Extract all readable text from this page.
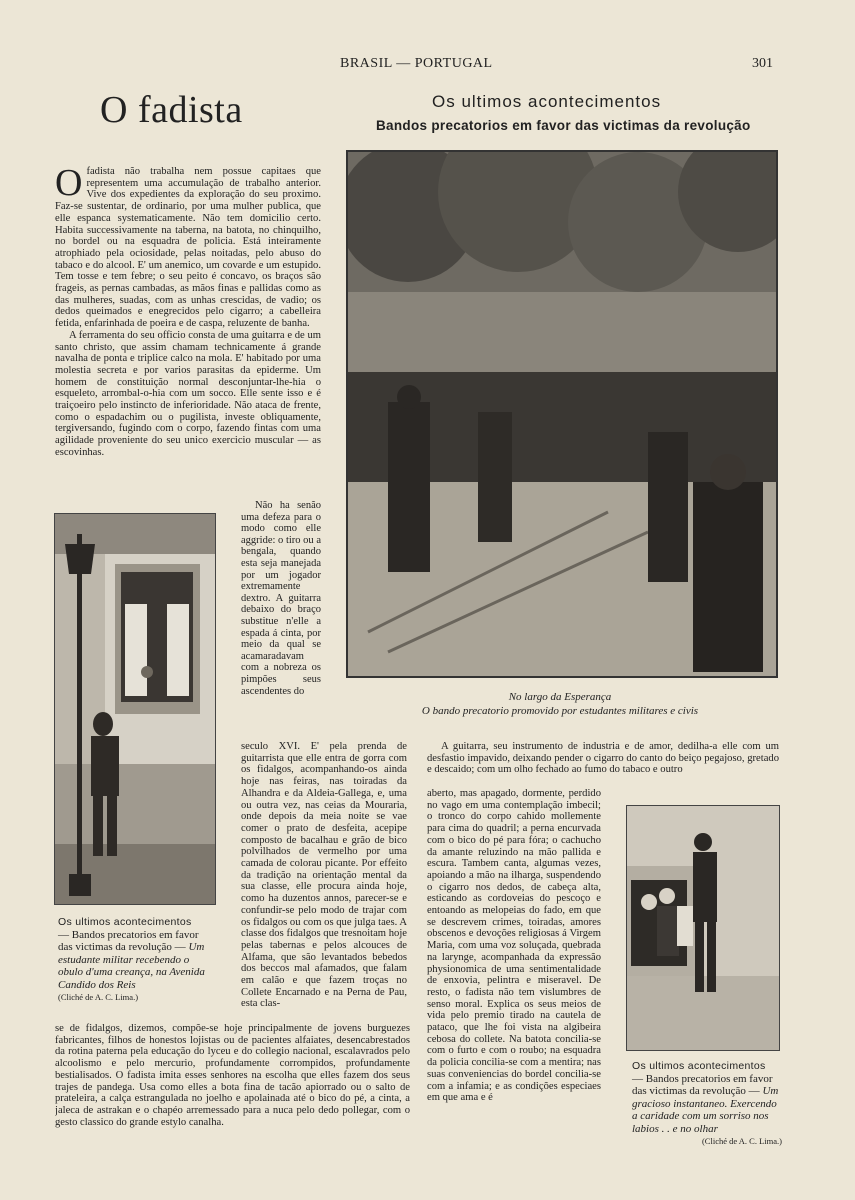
BRASIL — PORTUGAL	301
O fadista	Os ultimos acontecimentos
Bandos precatorios em favor das victimas da revolução

Ofadista não trabalha nem possue capitaes que representem uma accumulação de trabalho anterior. Vive dos expedientes da exploração do seu proximo. Faz-se sustentar, de ordinario, por uma mulher publica, que elle espanca systematicamente. Não tem domicilio certo. Habita successivamente na taberna, na batota, no chinquilho, no bordel ou na esquadra de policia. Está inteiramente atrophiado pela ociosidade, pelas noitadas, pelo abuso do tabaco e do alcool. E' um anemico, um covarde e um estupido. Tem tosse e tem febre; o seu peito é concavo, os braços são frageis, as pernas cambadas, as mãos finas e pallidas como as das mulheres, suadas, com as unhas crescidas, de vadio; os dedos queimados e enegrecidos pelo cigarro; a cabelleira fetida, enfarinhada de poeira e de caspa, reluzente de banha.

A ferramenta do seu officio consta de uma guitarra e de um santo christo, que assim chamam technicamente á grande navalha de ponta e triplice calco na mola. E' habitado por uma molestia secreta e por varios parasitas da epiderme. Um homem de constituição normal desconjuntar-lhe-hia o esqueleto, arrombal-o-hia com um socco. Elle sente isso e é traiçoeiro pelo instincto de inferioridade. Não ataca de frente, como o espadachim ou o pugilista, investe obliquamente, tergiversando, fugindo com o corpo, fazendo fintas com uma agilidade proveniente do seu unico exercicio muscular — as escovinhas.

Os ultimos acontecimentos
— Bandos precatorios em favor das victimas da revolução — Um estudante militar recebendo o obulo d'uma creança, na Avenida Candido dos Reis
(Cliché de A. C. Lima.)

Não ha senão uma defeza para o modo como elle aggride: o tiro ou a bengala, quando esta seja manejada por um jogador extremamente dextro. A guitarra debaixo do braço substitue n'elle a espada á cinta, por meio da qual se acamaradavam com a nobreza os pimpões seus ascendentes do

seculo XVI. E' pela prenda de guitarrista que elle entra de gorra com os fidalgos, acompanhando-os ainda hoje nas feiras, nas toiradas da Alhandra e da Aldeia-Gallega, e, uma ou outra vez, nas ceias da Mouraria, onde depois da meia noite se vae comer o prato de desfeita, acepipe composto de bacalhau e grão de bico polvilhados de vermelho por uma camada de colorau picante. Por effeito da tradição na orientação mental da sua classe, elle procura ainda hoje, como ha duzentos annos, parecer-se e confundir-se pelo modo de trajar com os fidalgos ou com os que julga taes. A classe dos fidalgos que tresnoitam hoje pelas tabernas e pelos alcouces de Alfama, que são levantados bebedos dos beccos mal afamados, que falam em calão e que fazem troças no Collete Encarnado e na Perna de Pau, esta clas-

se de fidalgos, dizemos, compõe-se hoje principalmente de jovens burguezes fabricantes, filhos de honestos lojistas ou de pacientes alfaiates, desencabrestados da rotina paterna pela educação do lyceu e do collegio nacional, escalavrados pelo alcoolismo e pelo mercurio, profundamente corrompidos, profundamente bestialisados. O fadista imita esses senhores na escolha que elles fazem dos seus trajes de pandega. Usa como elles a bota fina de tacão apiorrado ou o salto de prateleira, a calça estrangulada no joelho e apolainada até o bico do pé, a cinta, a jaleca de astrakan e o chapéo arremessado para a nuca pelo dedo pollegar, com o gesto classico do grande estylo canalha.

No largo da Esperança
O bando precatorio promovido por estudantes militares e civis

A guitarra, seu instrumento de industria e de amor, dedilha-a elle com um desfastio impavido, deixando pender o cigarro do canto do beiço pegajoso, gretado e descaido; com um olho fechado ao fumo do tabaco e outro

aberto, mas apagado, dormente, perdido no vago em uma contemplação imbecil; o tronco do corpo cahido mollemente para cima do quadril; a perna encurvada com o bico do pé para fóra; o cachucho da amante reluzindo na mão pallida e escura. Tambem canta, algumas vezes, apoiando a mão na ilharga, suspendendo o cigarro nos dedos, de cabeça alta, esticando as cordoveias do pescoço e entoando as melopeias do fado, em que se descrevem crimes, toiradas, amores obscenos e devoções religiosas á Virgem Maria, com uma voz soluçada, quebrada na larynge, acompanhada da expressão physionomica de uma sentimentalidade de enxovia, pelintra e miseravel. De resto, o fadista não tem vislumbres de senso moral. Explica os seus meios de vida pelo premio tirado na cautela de pataco, que lhe foi vista na algibeira cebosa do collete. Na batota concilia-se com o furto e com o roubo; na esquadra da policia concilia-se com a mentira; nas suas conveniencias do bordel concilia-se com a infamia; e as condições especiaes em que ama e é

Os ultimos acontecimentos
— Bandos precatorios em favor das victimas da revolução — Um gracioso instantaneo. Exercendo a caridade com um sorriso nos labios . . e no olhar
(Cliché de A. C. Lima.)
